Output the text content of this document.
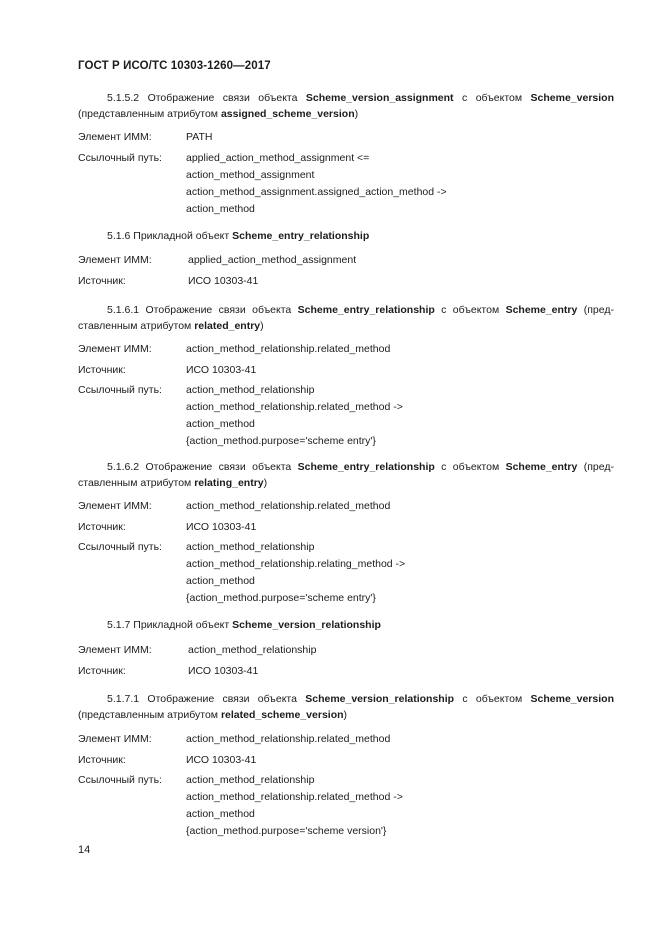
ГОСТ Р ИСО/ТС 10303-1260—2017
5.1.5.2 Отображение связи объекта Scheme_version_assignment с объектом Scheme_version
(представленным атрибутом assigned_scheme_version)
Элемент ИММ:	PATH
Ссылочный путь: applied_action_method_assignment <=
action_method_assignment
action_method_assignment.assigned_action_method ->
action_method
5.1.6 Прикладной объект Scheme_entry_relationship
Элемент ИММ:	applied_action_method_assignment
Источник:	ИСО 10303-41
5.1.6.1 Отображение связи объекта Scheme_entry_relationship с объектом Scheme_entry (пред-
ставленным атрибутом related_entry)
Элемент ИММ:	action_method_relationship.related_method
Источник:	ИСО 10303-41
Ссылочный путь: action_method_relationship
action_method_relationship.related_method ->
action_method
{action_method.purpose='scheme entry'}
5.1.6.2 Отображение связи объекта Scheme_entry_relationship с объектом Scheme_entry (пред-
ставленным атрибутом relating_entry)
Элемент ИММ:	action_method_relationship.related_method
Источник:	ИСО 10303-41
Ссылочный путь: action_method_relationship
action_method_relationship.relating_method ->
action_method
{action_method.purpose='scheme entry'}
5.1.7 Прикладной объект Scheme_version_relationship
Элемент ИММ:	action_method_relationship
Источник:	ИСО 10303-41
5.1.7.1 Отображение связи объекта Scheme_version_relationship с объектом Scheme_version
(представленным атрибутом related_scheme_version)
Элемент ИММ:	action_method_relationship.related_method
Источник:	ИСО 10303-41
Ссылочный путь: action_method_relationship
action_method_relationship.related_method ->
action_method
{action_method.purpose='scheme version'}
14
